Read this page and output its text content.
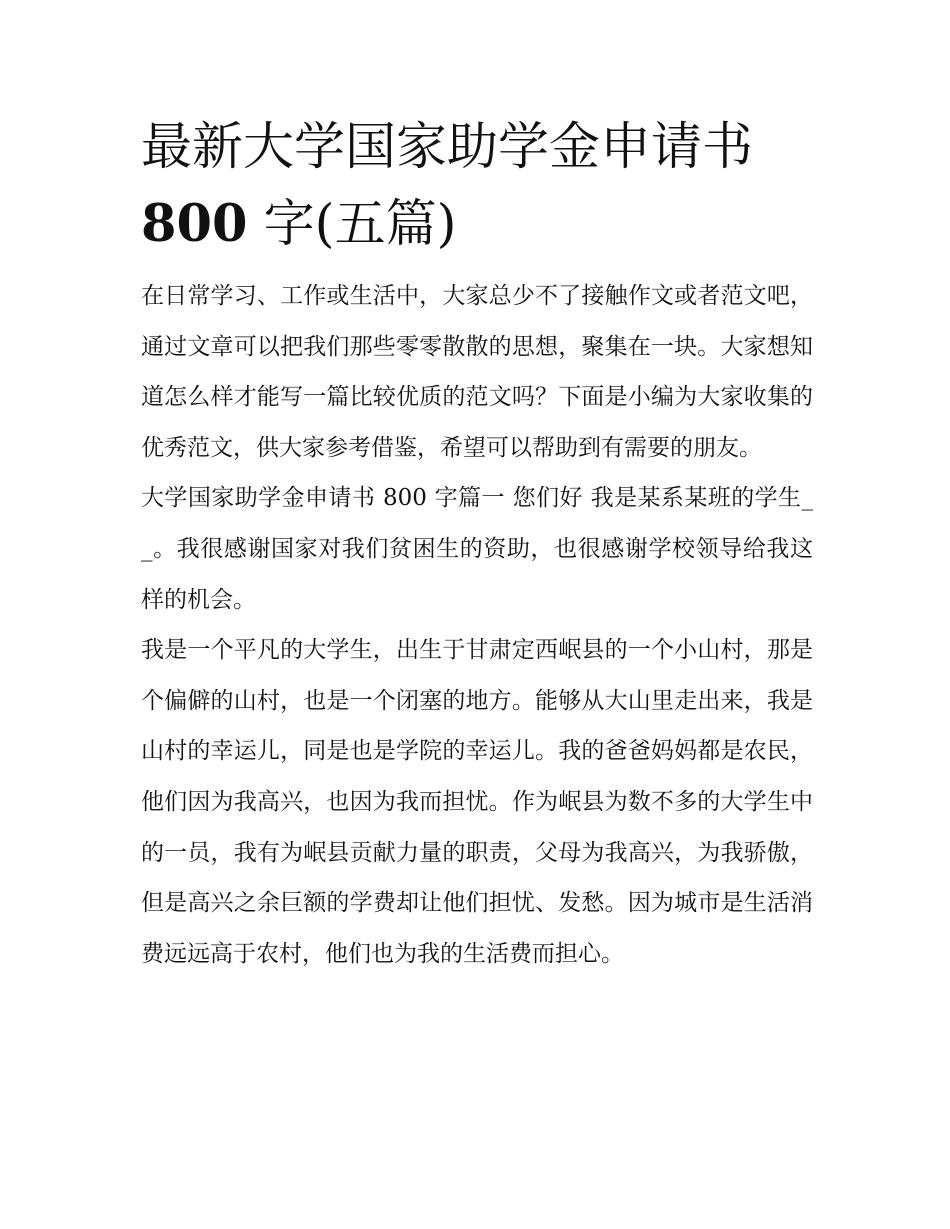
最新大学国家助学金申请书
800 字(五篇)

在日常学习、工作或生活中，大家总少不了接触作文或者范文吧，通过文章可以把我们那些零零散散的思想，聚集在一块。大家想知道怎么样才能写一篇比较优质的范文吗？下面是小编为大家收集的优秀范文，供大家参考借鉴，希望可以帮助到有需要的朋友。

大学国家助学金申请书 800 字篇一 您们好 我是某系某班的学生__。我很感谢国家对我们贫困生的资助，也很感谢学校领导给我这样的机会。

我是一个平凡的大学生，出生于甘肃定西岷县的一个小山村，那是个偏僻的山村，也是一个闭塞的地方。能够从大山里走出来，我是山村的幸运儿，同是也是学院的幸运儿。我的爸爸妈妈都是农民，他们因为我高兴，也因为我而担忧。作为岷县为数不多的大学生中的一员，我有为岷县贡献力量的职责，父母为我高兴，为我骄傲，但是高兴之余巨额的学费却让他们担忧、发愁。因为城市是生活消费远远高于农村，他们也为我的生活费而担心。
